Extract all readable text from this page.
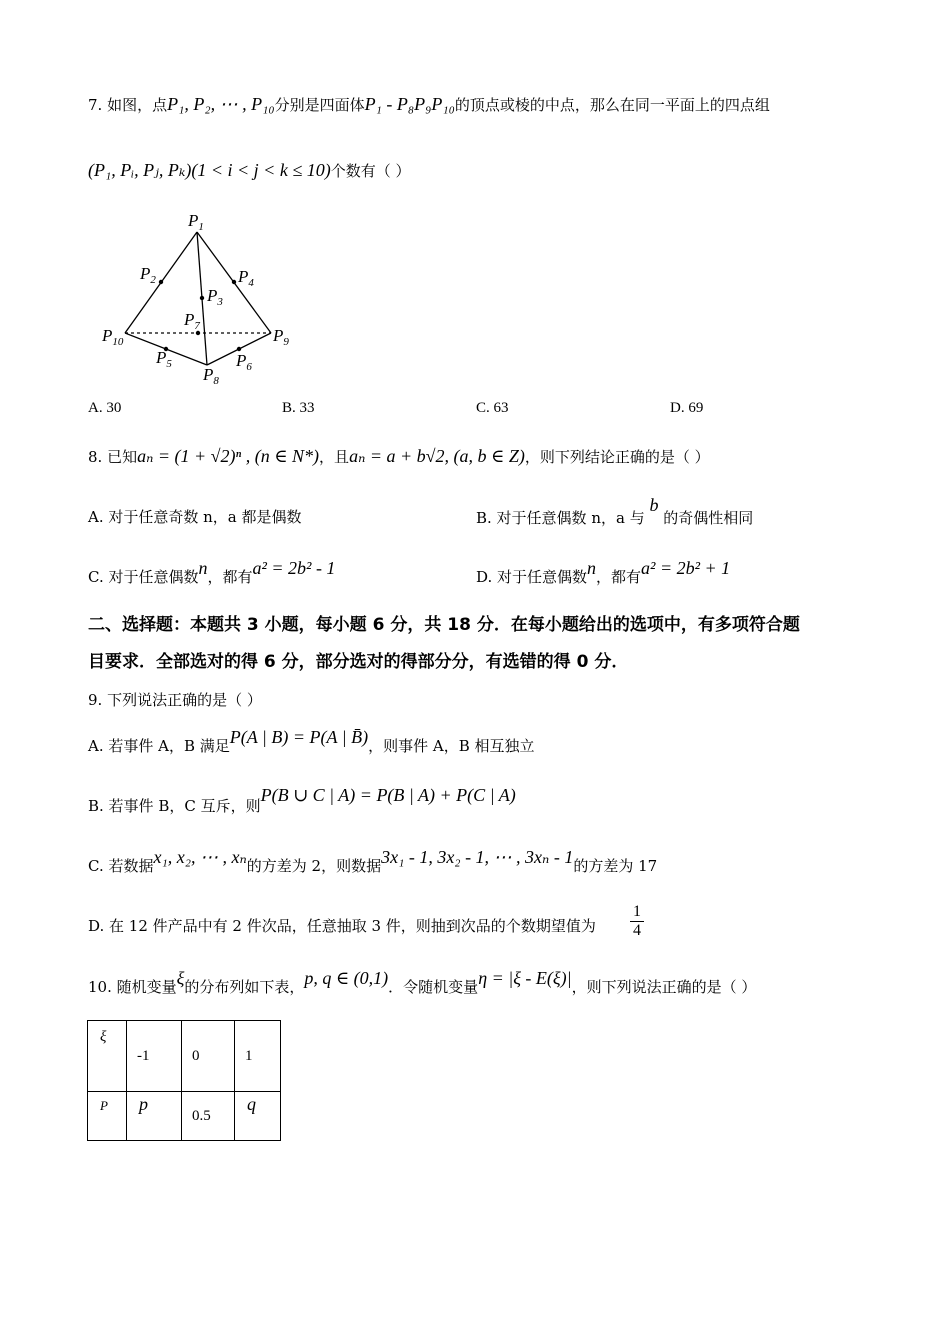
7. 如图，点P₁, P₂, ⋯ , P₁₀分别是四面体P₁ - P₈P₉P₁₀的顶点或棱的中点，那么在同一平面上的四点组
(P₁, Pᵢ, Pⱼ, Pₖ)(1 < i < j < k ≤ 10)个数有（ ）
$P_1$
$P_2$
$P_3$
$P_4$
$P_5$	$P_6$
$P_7$
$P_8$
$P_9$
$P_{10}$
A. 30	B. 33	C. 63	D. 69
8. 已知aₙ = (1 + √2)ⁿ , (n ∈ N*)，且aₙ = a + b√2, (a, b ∈ Z)，则下列结论正确的是（ ）
A. 对于任意奇数 n，a 都是偶数	B. 对于任意偶数 n，a 与 b 的奇偶性相同
C. 对于任意偶数n，都有a² = 2b² - 1	D. 对于任意偶数n，都有a² = 2b² + 1
二、选择题：本题共 3 小题，每小题 6 分，共 18 分．在每小题给出的选项中，有多项符合题
目要求．全部选对的得 6 分，部分选对的得部分分，有选错的得 0 分．
9. 下列说法正确的是（ ）
A. 若事件 A，B 满足P(A | B) = P(A | B̄)，则事件 A，B 相互独立
B. 若事件 B，C 互斥，则P(B ∪ C | A) = P(B | A) + P(C | A)
C. 若数据x₁, x₂, ⋯ , xₙ的方差为 2，则数据3x₁ - 1, 3x₂ - 1, ⋯ , 3xₙ - 1的方差为 17
D. 在 12 件产品中有 2 件次品，任意抽取 3 件，则抽到次品的个数期望值为 $\frac{1}{4}$
10. 随机变量ξ的分布列如下表，p, q ∈ (0,1)．令随机变量η = |ξ - E(ξ)|，则下列说法正确的是（ ）
ξ	-1	0	1

P	p	0.5	q
